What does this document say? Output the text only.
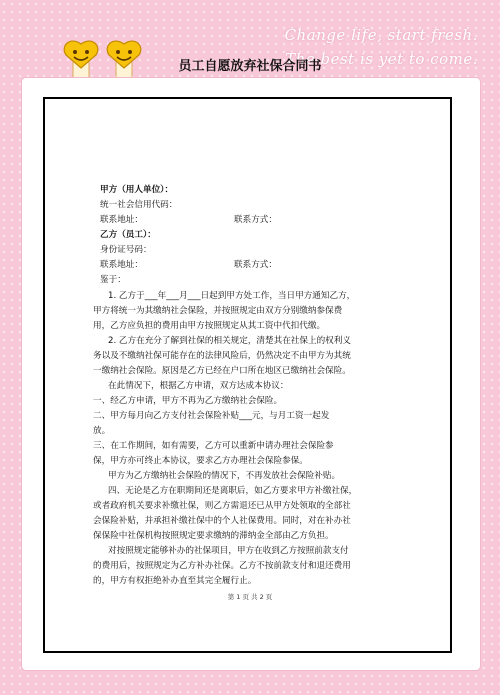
Change life, start fresh.
The best is yet to come.
员工自愿放弃社保合同书
甲方（用人单位）：
统一社会信用代码：
联系地址：	联系方式：
乙方（员工）：
身份证号码：
联系地址：	联系方式：
鉴于：
1. 乙方于___年___月___日起到甲方处工作，当日甲方通知乙方，
甲方将统一为其缴纳社会保险，并按照规定由双方分别缴纳参保费
用，乙方应负担的费用由甲方按照规定从其工资中代扣代缴。
2. 乙方在充分了解到社保的相关规定，清楚其在社保上的权利义
务以及不缴纳社保可能存在的法律风险后，仍然决定不由甲方为其统
一缴纳社会保险。原因是乙方已经在户口所在地区已缴纳社会保险。
在此情况下，根据乙方申请，双方达成本协议：
一、经乙方申请，甲方不再为乙方缴纳社会保险。
二、甲方每月向乙方支付社会保险补贴___元，与月工资一起发
放。
三、在工作期间，如有需要，乙方可以重新申请办理社会保险参
保，甲方亦可终止本协议，要求乙方办理社会保险参保。
甲方为乙方缴纳社会保险的情况下，不再发放社会保险补贴。
四、无论是乙方在职期间还是离职后，如乙方要求甲方补缴社保，
或者政府机关要求补缴社保，则乙方需退还已从甲方处领取的全部社
会保险补贴，并承担补缴社保中的个人社保费用。同时，对在补办社
保保险中社保机构按照规定要求缴纳的滞纳金全部由乙方负担。
对按照规定能够补办的社保项目，甲方在收到乙方按照前款支付
的费用后，按照规定为乙方补办社保。乙方不按前款支付和退还费用
的，甲方有权拒绝补办直至其完全履行止。
第 1 页 共 2 页
